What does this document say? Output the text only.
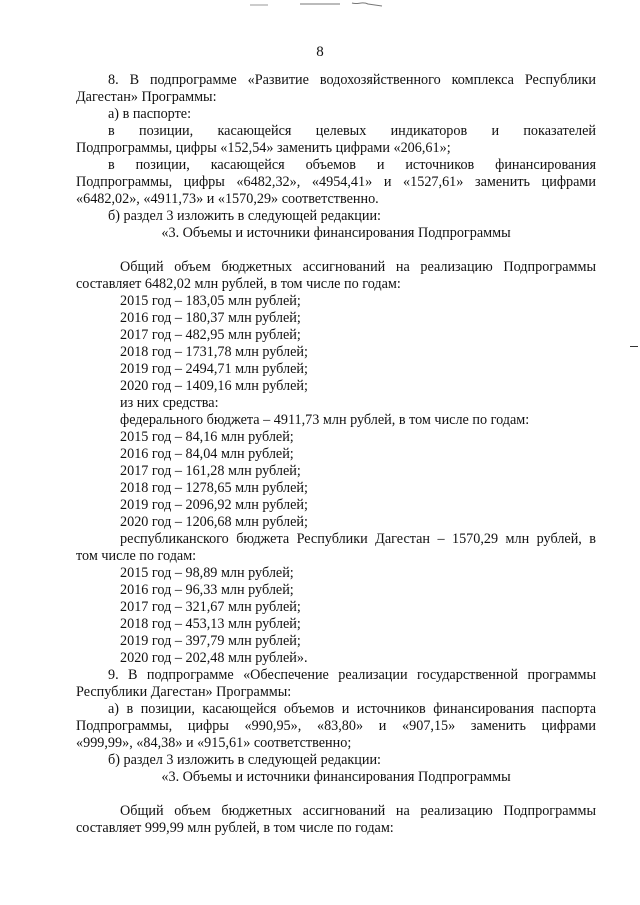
8
8. В подпрограмме «Развитие водохозяйственного комплекса Республики
Дагестан» Программы:
а) в паспорте:
в позиции, касающейся целевых индикаторов и показателей
Подпрограммы, цифры «152,54» заменить цифрами «206,61»;
в позиции, касающейся объемов и источников финансирования
Подпрограммы, цифры «6482,32», «4954,41» и «1527,61» заменить цифрами
«6482,02», «4911,73» и «1570,29» соответственно.
б) раздел 3 изложить в следующей редакции:
«3. Объемы и источники финансирования Подпрограммы
Общий объем бюджетных ассигнований на реализацию Подпрограммы
составляет 6482,02 млн рублей, в том числе по годам:
2015 год – 183,05 млн рублей;
2016 год – 180,37 млн рублей;
2017 год – 482,95 млн рублей;
2018 год – 1731,78 млн рублей;
2019 год – 2494,71 млн рублей;
2020 год – 1409,16 млн рублей;
из них средства:
федерального бюджета – 4911,73 млн рублей, в том числе по годам:
2015 год – 84,16 млн рублей;
2016 год – 84,04 млн рублей;
2017 год – 161,28 млн рублей;
2018 год – 1278,65 млн рублей;
2019 год – 2096,92 млн рублей;
2020 год – 1206,68 млн рублей;
республиканского бюджета Республики Дагестан – 1570,29 млн рублей, в
том числе по годам:
2015 год – 98,89 млн рублей;
2016 год – 96,33 млн рублей;
2017 год – 321,67 млн рублей;
2018 год – 453,13 млн рублей;
2019 год – 397,79 млн рублей;
2020 год – 202,48 млн рублей».
9. В подпрограмме «Обеспечение реализации государственной программы
Республики Дагестан» Программы:
а) в позиции, касающейся объемов и источников финансирования паспорта
Подпрограммы, цифры «990,95», «83,80» и «907,15» заменить цифрами
«999,99», «84,38» и «915,61» соответственно;
б) раздел 3 изложить в следующей редакции:
«3. Объемы и источники финансирования Подпрограммы
Общий объем бюджетных ассигнований на реализацию Подпрограммы
составляет 999,99 млн рублей, в том числе по годам:
